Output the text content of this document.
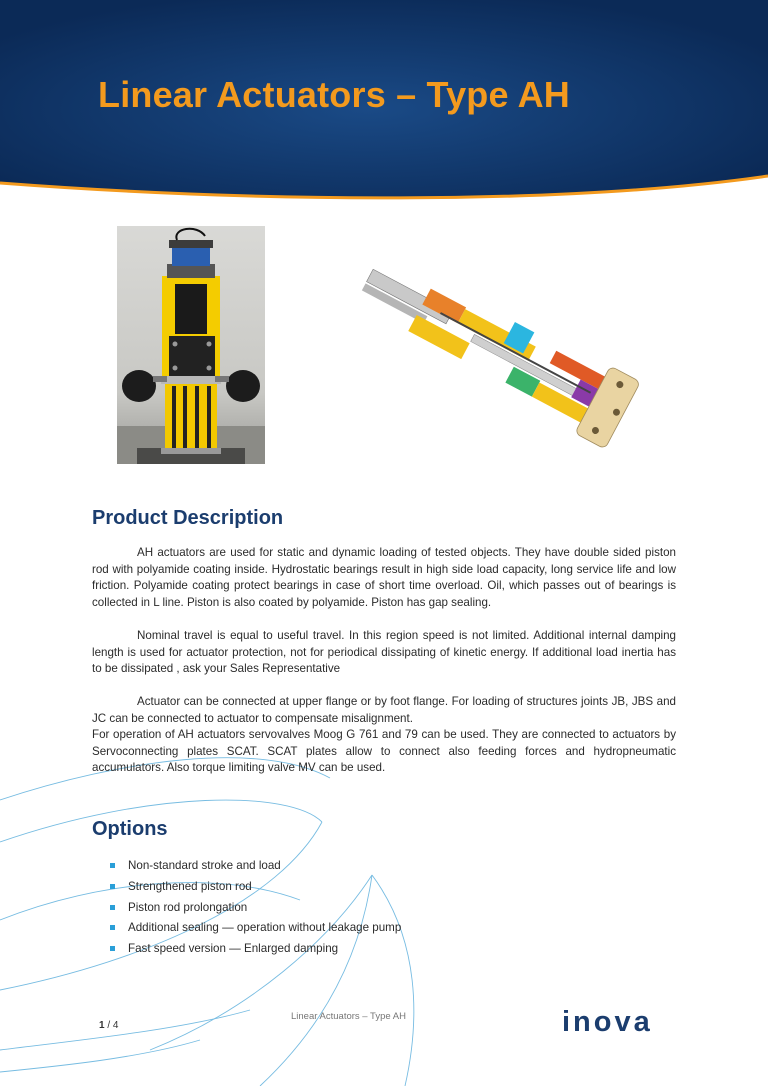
Linear Actuators – Type AH
Product Description

AH actuators are used for static and dynamic loading of tested objects. They have double sided piston rod with polyamide coating inside. Hydrostatic bearings result in high side load capacity, long service life and low friction. Polyamide coating protect bearings in case of short time overload. Oil, which passes out of bearings is collected in L line. Piston is also coated by polyamide. Piston has gap sealing.

Nominal travel is equal to useful travel. In this region speed is not limited. Additional internal damping length is used for actuator protection, not for periodical dissipating of kinetic energy. If additional load inertia has to be dissipated , ask your Sales Representative

Actuator can be connected at upper flange or by foot flange. For loading of structures joints JB, JBS and JC can be connected to actuator to compensate misalignment.

For operation of AH actuators servovalves Moog G 761 and 79 can be used. They are connected to actuators by Servoconnecting plates SCAT. SCAT plates allow to connect also feeding forces and hydropneumatic accumulators. Also torque limiting valve MV can be used.

Options
Non-standard stroke and load
Strengthened piston rod
Piston rod prolongation
Additional sealing — operation without leakage pump
Fast speed version — Enlarged damping
Linear Actuators – Type AH
1 / 4	inova
